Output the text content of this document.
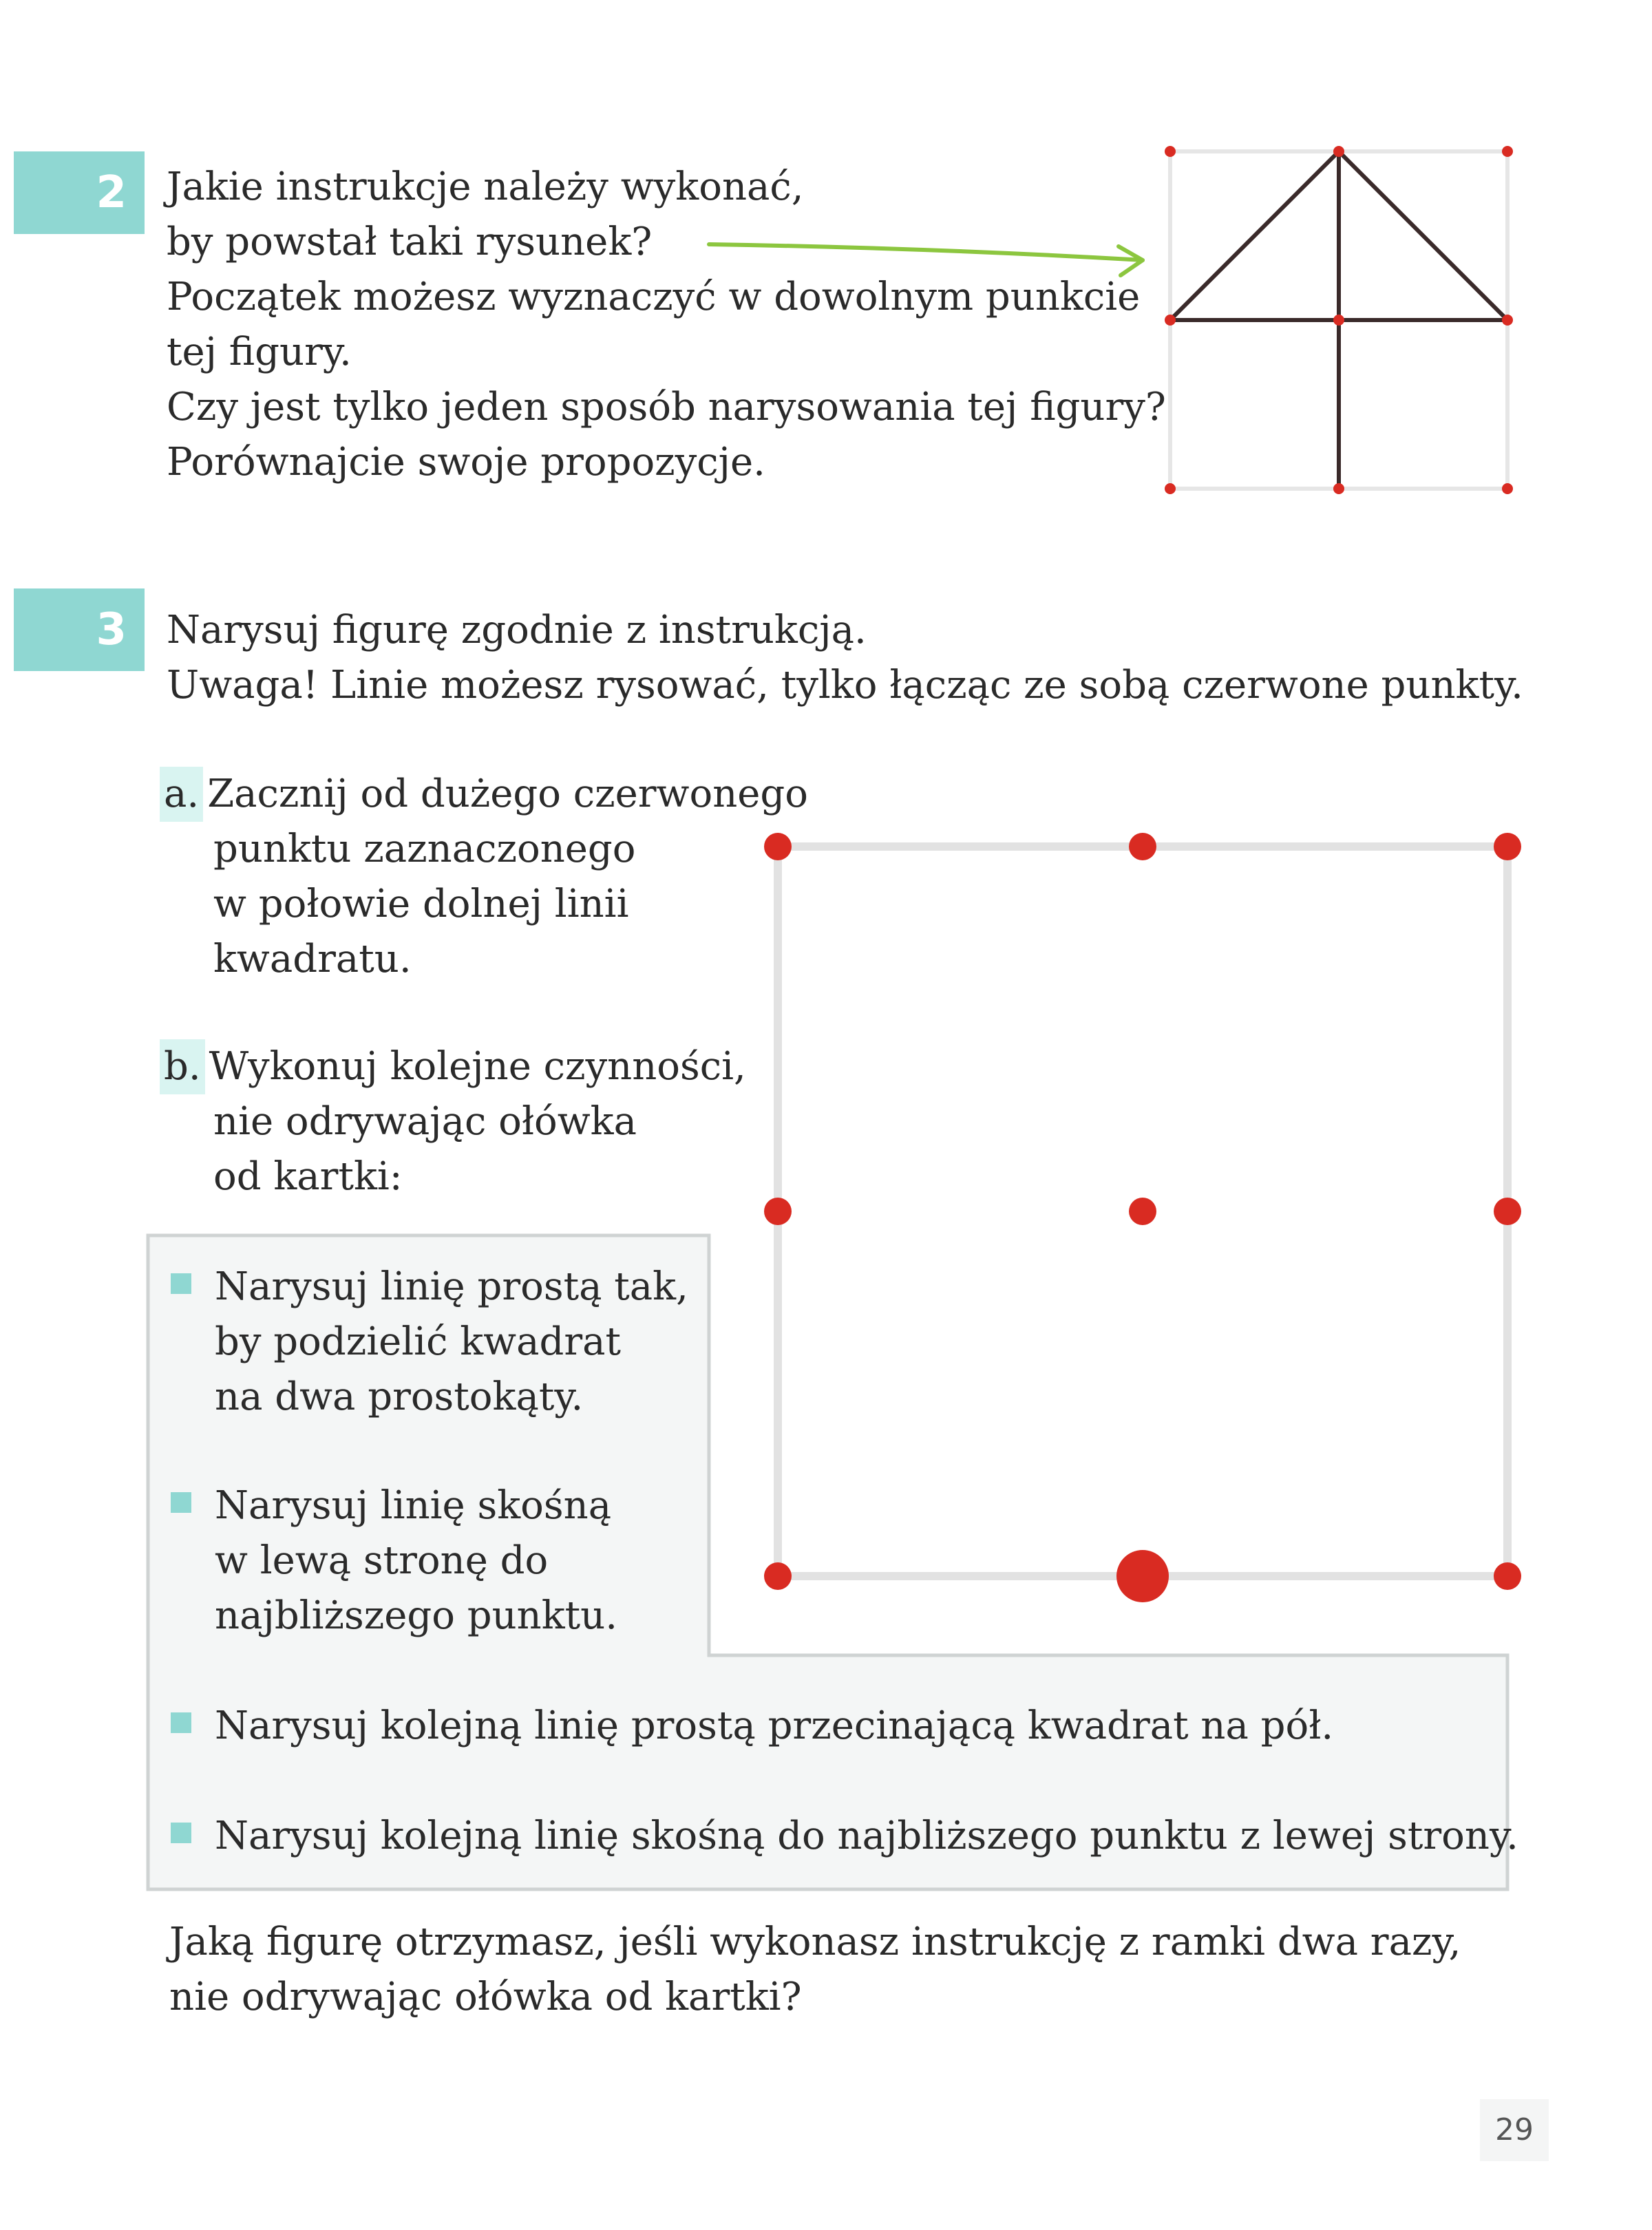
2	Jakie instrukcje należy wykonać,
by powstał taki rysunek?
Początek możesz wyznaczyć w dowolnym punkcie
tej figury.
Czy jest tylko jeden sposób narysowania tej figury?
Porównajcie swoje propozycje.
3	Narysuj figurę zgodnie z instrukcją.
Uwaga! Linie możesz rysować, tylko łącząc ze sobą czerwone punkty.
a. Zacznij od dużego czerwonego
punktu zaznaczonego
w połowie dolnej linii
kwadratu.
b. Wykonuj kolejne czynności,
nie odrywając ołówka
od kartki:
Narysuj linię prostą tak,
by podzielić kwadrat
na dwa prostokąty.
Narysuj linię skośną
w lewą stronę do
najbliższego punktu.
Narysuj kolejną linię prostą przecinającą kwadrat na pół.
Narysuj kolejną linię skośną do najbliższego punktu z lewej strony.
Jaką figurę otrzymasz, jeśli wykonasz instrukcję z ramki dwa razy,
nie odrywając ołówka od kartki?
29
